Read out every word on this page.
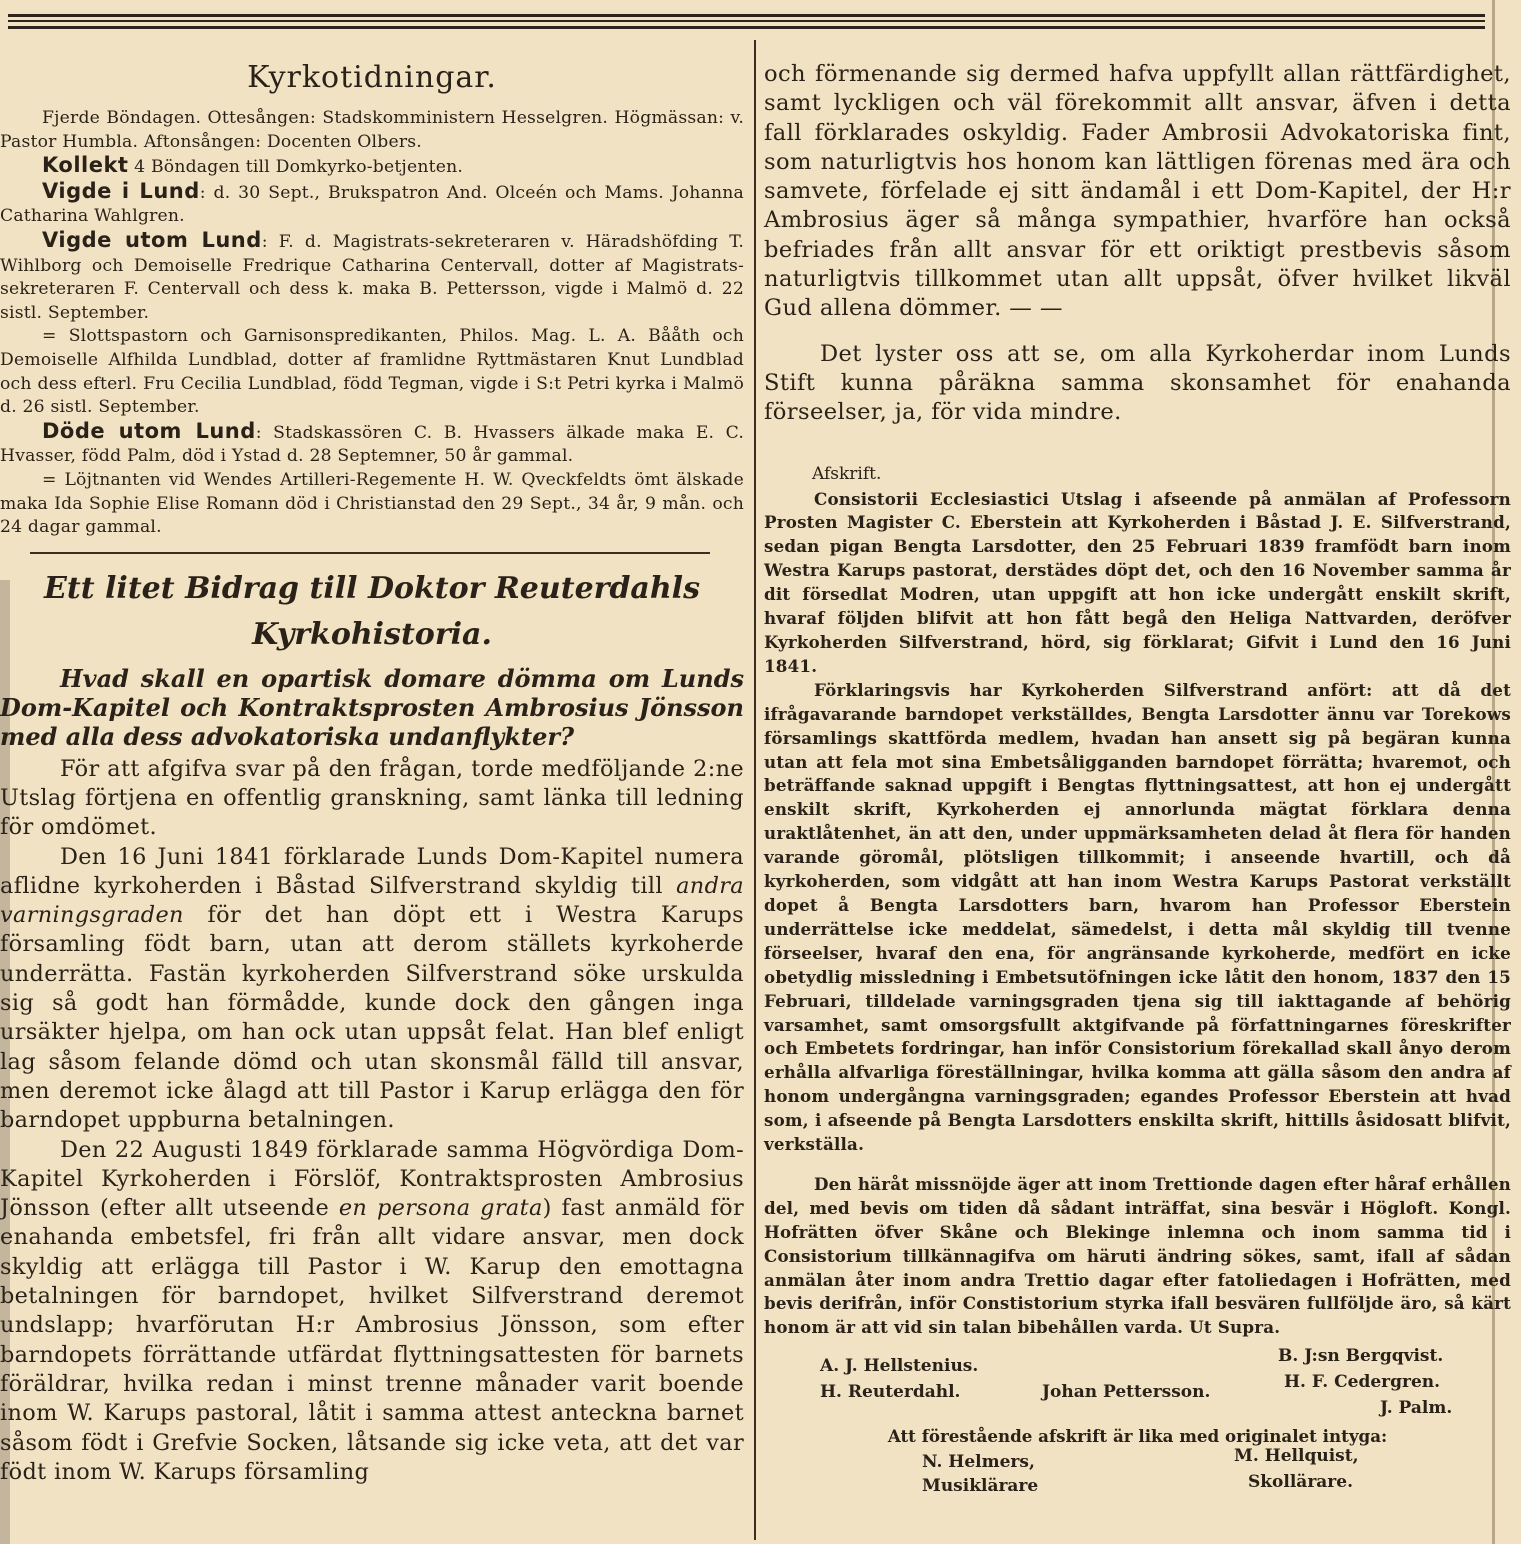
Kyrkotidningar.

Fjerde Böndagen. Ottesången: Stadskomministern Hesselgren. Högmässan: v. Pastor Humbla. Aftonsången: Docenten Olbers.

Kollekt 4 Böndagen till Domkyrko-betjenten.

Vigde i Lund: d. 30 Sept., Brukspatron And. Olceén och Mams. Johanna Catharina Wahlgren.

Vigde utom Lund: F. d. Magistrats-sekreteraren v. Häradshöfding T. Wihlborg och Demoiselle Fredrique Catharina Centervall, dotter af Magistrats-sekreteraren F. Centervall och dess k. maka B. Pettersson, vigde i Malmö d. 22 sistl. September.

= Slottspastorn och Garnisonspredikanten, Philos. Mag. L. A. Bååth och Demoiselle Alfhilda Lundblad, dotter af framlidne Ryttmästaren Knut Lundblad och dess efterl. Fru Cecilia Lundblad, född Tegman, vigde i S:t Petri kyrka i Malmö d. 26 sistl. September.

Döde utom Lund: Stadskassören C. B. Hvassers älkade maka E. C. Hvasser, född Palm, död i Ystad d. 28 Septemner, 50 år gammal.

= Löjtnanten vid Wendes Artilleri-Regemente H. W. Qveckfeldts ömt älskade maka Ida Sophie Elise Romann död i Christianstad den 29 Sept., 34 år, 9 mån. och 24 dagar gammal.

Ett litet Bidrag till Doktor Reuterdahls Kyrkohistoria.

Hvad skall en opartisk domare dömma om Lunds Dom-Kapitel och Kontraktsprosten Ambrosius Jönsson med alla dess advokatoriska undanflykter?

För att afgifva svar på den frågan, torde medföljande 2:ne Utslag förtjena en offentlig granskning, samt länka till ledning för omdömet.

Den 16 Juni 1841 förklarade Lunds Dom-Kapitel numera aflidne kyrkoherden i Båstad Silfverstrand skyldig till andra varningsgraden för det han döpt ett i Westra Karups församling födt barn, utan att derom ställets kyrkoherde underrätta. Fastän kyrkoherden Silfverstrand söke urskulda sig så godt han förmådde, kunde dock den gången inga ursäkter hjelpa, om han ock utan uppsåt felat. Han blef enligt lag såsom felande dömd och utan skonsmål fälld till ansvar, men deremot icke ålagd att till Pastor i Karup erlägga den för barndopet uppburna betalningen.

Den 22 Augusti 1849 förklarade samma Högvördiga Dom-Kapitel Kyrkoherden i Förslöf, Kontraktsprosten Ambrosius Jönsson (efter allt utseende en persona grata) fast anmäld för enahanda embetsfel, fri från allt vidare ansvar, men dock skyldig att erlägga till Pastor i W. Karup den emottagna betalningen för barndopet, hvilket Silfverstrand deremot undslapp; hvarförutan H:r Ambrosius Jönsson, som efter barndopets förrättande utfärdat flyttningsattesten för barnets föräldrar, hvilka redan i minst trenne månader varit boende inom W. Karups pastoral, låtit i samma attest anteckna barnet såsom födt i Grefvie Socken, låtsande sig icke veta, att det var födt inom W. Karups församling

och förmenande sig dermed hafva uppfyllt allan rättfärdighet, samt lyckligen och väl förekommit allt ansvar, äfven i detta fall förklarades oskyldig. Fader Ambrosii Advokatoriska fint, som naturligtvis hos honom kan lättligen förenas med ära och samvete, förfelade ej sitt ändamål i ett Dom-Kapitel, der H:r Ambrosius äger så många sympathier, hvarföre han också befriades från allt ansvar för ett oriktigt prestbevis såsom naturligtvis tillkommet utan allt uppsåt, öfver hvilket likväl Gud allena dömmer. — —

Det lyster oss att se, om alla Kyrkoherdar inom Lunds Stift kunna påräkna samma skonsamhet för enahanda förseelser, ja, för vida mindre.

Afskrift.

Consistorii Ecclesiastici Utslag i afseende på anmälan af Professorn Prosten Magister C. Eberstein att Kyrkoherden i Båstad J. E. Silfverstrand, sedan pigan Bengta Larsdotter, den 25 Februari 1839 framfödt barn inom Westra Karups pastorat, derstädes döpt det, och den 16 November samma år dit försedlat Modren, utan uppgift att hon icke undergått enskilt skrift, hvaraf följden blifvit att hon fått begå den Heliga Nattvarden, deröfver Kyrkoherden Silfverstrand, hörd, sig förklarat; Gifvit i Lund den 16 Juni 1841.

Förklaringsvis har Kyrkoherden Silfverstrand anfört: att då det ifrågavarande barndopet verkställdes, Bengta Larsdotter ännu var Torekows församlings skattförda medlem, hvadan han ansett sig på begäran kunna utan att fela mot sina Embetsåligganden barndopet förrätta; hvaremot, och beträffande saknad uppgift i Bengtas flyttningsattest, att hon ej undergått enskilt skrift, Kyrkoherden ej annorlunda mägtat förklara denna uraktlåtenhet, än att den, under uppmärksamheten delad åt flera för handen varande göromål, plötsligen tillkommit; i anseende hvartill, och då kyrkoherden, som vidgått att han inom Westra Karups Pastorat verkställt dopet å Bengta Larsdotters barn, hvarom han Professor Eberstein underrättelse icke meddelat, sämedelst, i detta mål skyldig till tvenne förseelser, hvaraf den ena, för angränsande kyrkoherde, medfört en icke obetydlig missledning i Embetsutöfningen icke låtit den honom, 1837 den 15 Februari, tilldelade varningsgraden tjena sig till iakttagande af behörig varsamhet, samt omsorgsfullt aktgifvande på författningarnes föreskrifter och Embetets fordringar, han inför Consistorium förekallad skall ånyo derom erhålla alfvarliga föreställningar, hvilka komma att gälla såsom den andra af honom undergångna varningsgraden; egandes Professor Eberstein att hvad som, i afseende på Bengta Larsdotters enskilta skrift, hittills åsidosatt blifvit, verkställa.

Den häråt missnöjde äger att inom Trettionde dagen efter håraf erhållen del, med bevis om tiden då sådant inträffat, sina besvär i Högloft. Kongl. Hofrätten öfver Skåne och Blekinge inlemna och inom samma tid i Consistorium tillkännagifva om häruti ändring sökes, samt, ifall af sådan anmälan åter inom andra Trettio dagar efter fatoliedagen i Hofrätten, med bevis derifrån, inför Constistorium styrka ifall besvären fullföljde äro, så kärt honom är att vid sin talan bibehållen varda. Ut Supra.

A. J. Hellstenius.	B. J:sn Bergqvist.
H. Reuterdahl.	Johan Pettersson.	H. F. Cedergren.
J. Palm.

Att förestående afskrift är lika med originalet intyga:

N. Helmers,
Musiklärare
M. Hellquist,
Skollärare.
